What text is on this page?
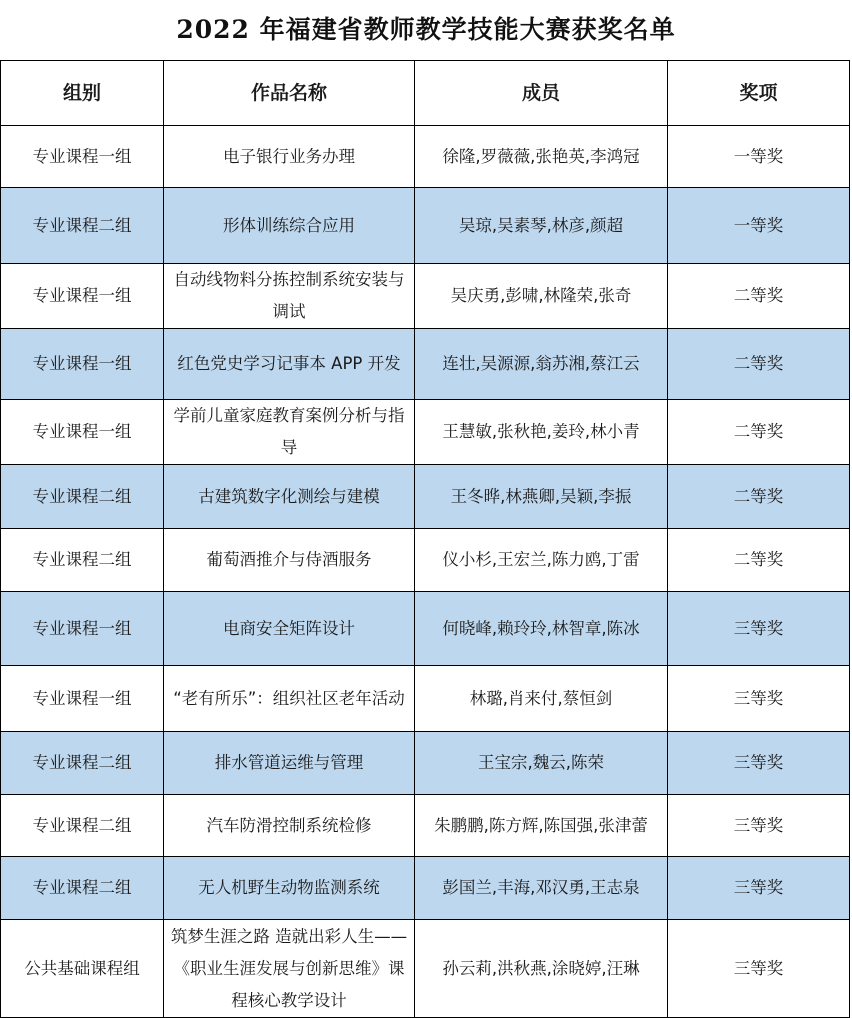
2022 年福建省教师教学技能大赛获奖名单
组别	作品名称	成员	奖项
专业课程一组	电子银行业务办理	徐隆,罗薇薇,张艳英,李鸿冠	一等奖
专业课程二组	形体训练综合应用	吴琼,吴素琴,林彦,颜超	一等奖
专业课程一组	自动线物料分拣控制系统安装与调试	吴庆勇,彭啸,林隆荣,张奇	二等奖
专业课程一组	红色党史学习记事本 APP 开发	连壮,吴源源,翁苏湘,蔡江云	二等奖
专业课程一组	学前儿童家庭教育案例分析与指导	王慧敏,张秋艳,姜玲,林小青	二等奖
专业课程二组	古建筑数字化测绘与建模	王冬晔,林燕卿,吴颖,李振	二等奖
专业课程二组	葡萄酒推介与侍酒服务	仪小杉,王宏兰,陈力鸥,丁雷	二等奖
专业课程一组	电商安全矩阵设计	何晓峰,赖玲玲,林智章,陈冰	三等奖
专业课程一组	“老有所乐”：组织社区老年活动	林璐,肖来付,蔡恒剑	三等奖
专业课程二组	排水管道运维与管理	王宝宗,魏云,陈荣	三等奖
专业课程二组	汽车防滑控制系统检修	朱鹏鹏,陈方辉,陈国强,张津蕾	三等奖
专业课程二组	无人机野生动物监测系统	彭国兰,丰海,邓汉勇,王志泉	三等奖
公共基础课程组	筑梦生涯之路 造就出彩人生——《职业生涯发展与创新思维》课程核心教学设计	孙云莉,洪秋燕,涂晓婷,汪琳	三等奖
